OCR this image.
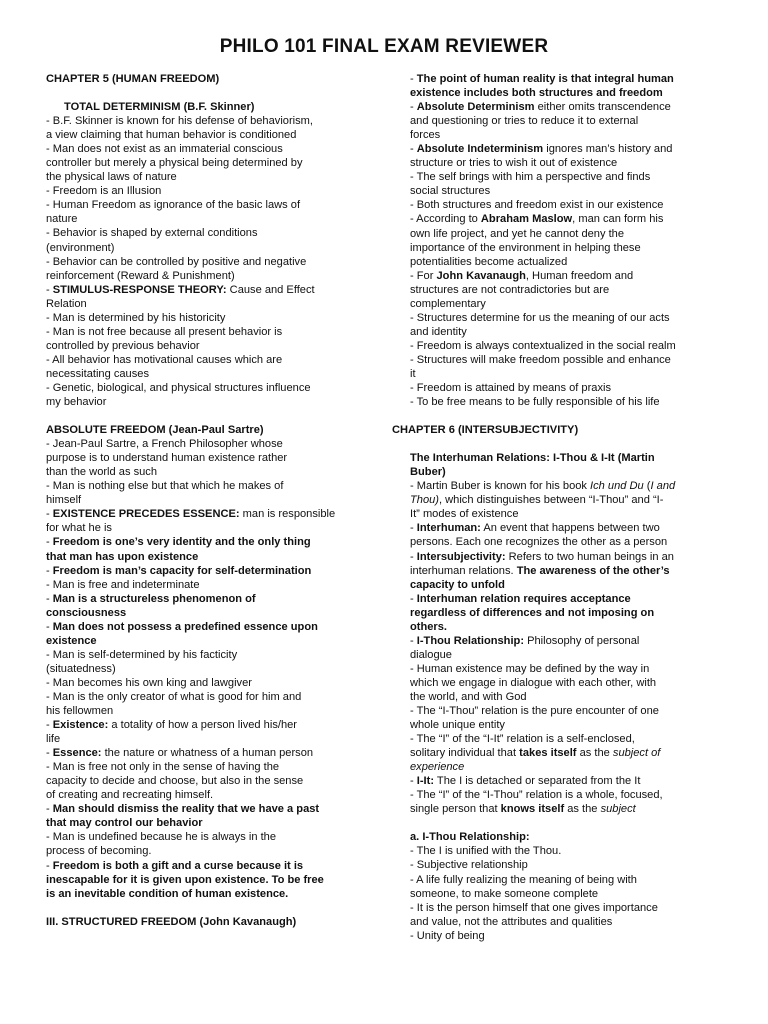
PHILO 101 FINAL EXAM REVIEWER
CHAPTER 5 (HUMAN FREEDOM)
TOTAL DETERMINISM (B.F. Skinner)
- B.F. Skinner is known for his defense of behaviorism,
a view claiming that human behavior is conditioned
- Man does not exist as an immaterial conscious
controller but merely a physical being determined by
the physical laws of nature
- Freedom is an Illusion
- Human Freedom as ignorance of the basic laws of
nature
- Behavior is shaped by external conditions
(environment)
- Behavior can be controlled by positive and negative
reinforcement (Reward & Punishment)
- STIMULUS-RESPONSE THEORY: Cause and Effect
Relation
- Man is determined by his historicity
- Man is not free because all present behavior is
controlled by previous behavior
- All behavior has motivational causes which are
necessitating causes
- Genetic, biological, and physical structures influence
my behavior
ABSOLUTE FREEDOM (Jean-Paul Sartre)
- Jean-Paul Sartre, a French Philosopher whose
purpose is to understand human existence rather
than the world as such
- Man is nothing else but that which he makes of
himself
- EXISTENCE PRECEDES ESSENCE: man is responsible
for what he is
- Freedom is one’s very identity and the only thing
that man has upon existence
- Freedom is man’s capacity for self-determination
- Man is free and indeterminate
- Man is a structureless phenomenon of
consciousness
- Man does not possess a predefined essence upon
existence
- Man is self-determined by his facticity
(situatedness)
- Man becomes his own king and lawgiver
- Man is the only creator of what is good for him and
his fellowmen
- Existence: a totality of how a person lived his/her
life
- Essence: the nature or whatness of a human person
- Man is free not only in the sense of having the
capacity to decide and choose, but also in the sense
of creating and recreating himself.
- Man should dismiss the reality that we have a past
that may control our behavior
- Man is undefined because he is always in the
process of becoming.
- Freedom is both a gift and a curse because it is
inescapable for it is given upon existence. To be free
is an inevitable condition of human existence.
III. STRUCTURED FREEDOM (John Kavanaugh)
- The point of human reality is that integral human
existence includes both structures and freedom
- Absolute Determinism either omits transcendence
and questioning or tries to reduce it to external
forces
- Absolute Indeterminism ignores man’s history and
structure or tries to wish it out of existence
- The self brings with him a perspective and finds
social structures
- Both structures and freedom exist in our existence
- According to Abraham Maslow, man can form his
own life project, and yet he cannot deny the
importance of the environment in helping these
potentialities become actualized
- For John Kavanaugh, Human freedom and
structures are not contradictories but are
complementary
- Structures determine for us the meaning of our acts
and identity
- Freedom is always contextualized in the social realm
- Structures will make freedom possible and enhance
it
- Freedom is attained by means of praxis
- To be free means to be fully responsible of his life
CHAPTER 6 (INTERSUBJECTIVITY)
The Interhuman Relations: I-Thou & I-It (Martin
Buber)
- Martin Buber is known for his book Ich und Du (I and
Thou), which distinguishes between “I-Thou” and “I-
It” modes of existence
- Interhuman: An event that happens between two
persons. Each one recognizes the other as a person
- Intersubjectivity: Refers to two human beings in an
interhuman relations. The awareness of the other’s
capacity to unfold
- Interhuman relation requires acceptance
regardless of differences and not imposing on
others.
- I-Thou Relationship: Philosophy of personal
dialogue
- Human existence may be defined by the way in
which we engage in dialogue with each other, with
the world, and with God
- The “I-Thou” relation is the pure encounter of one
whole unique entity
- The “I” of the “I-It” relation is a self-enclosed,
solitary individual that takes itself as the subject of
experience
- I-It: The I is detached or separated from the It
- The “I” of the “I-Thou” relation is a whole, focused,
single person that knows itself as the subject
a. I-Thou Relationship:
- The I is unified with the Thou.
- Subjective relationship
- A life fully realizing the meaning of being with
someone, to make someone complete
- It is the person himself that one gives importance
and value, not the attributes and qualities
- Unity of being
